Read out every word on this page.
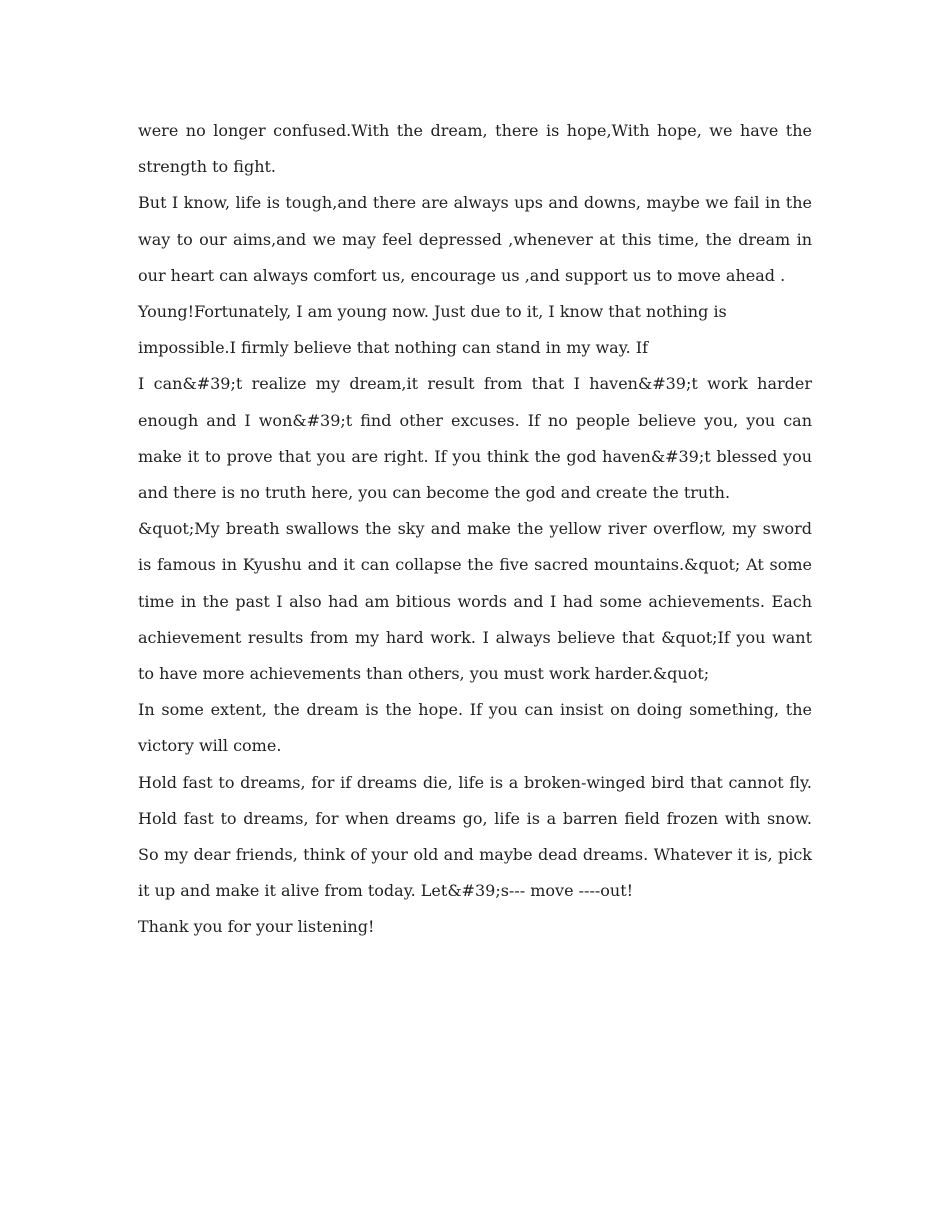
were no longer confused.With the dream, there is hope,With hope, we have the strength to fight.

But I know, life is tough,and there are always ups and downs, maybe we fail in the way to our aims,and we may feel depressed ,whenever at this time, the dream in our heart can always comfort us, encourage us ,and support us to move ahead .

Young!Fortunately, I am young now. Just due to it, I know that nothing is impossible.I firmly believe that nothing can stand in my way. If

I can&#39;t realize my dream,it result from that I haven&#39;t work harder enough and I won&#39;t find other excuses. If no people believe you, you can make it to prove that you are right. If you think the god haven&#39;t blessed you and there is no truth here, you can become the god and create the truth.

&quot;My breath swallows the sky and make the yellow river overflow, my sword is famous in Kyushu and it can collapse the five sacred mountains.&quot; At some time in the past I also had am bitious words and I had some achievements. Each achievement results from my hard work. I always believe that &quot;If you want to have more achievements than others, you must work harder.&quot;

In some extent, the dream is the hope. If you can insist on doing something, the victory will come.

Hold fast to dreams, for if dreams die, life is a broken-winged bird that cannot fly. Hold fast to dreams, for when dreams go, life is a barren field frozen with snow. So my dear friends, think of your old and maybe dead dreams. Whatever it is, pick it up and make it alive from today. Let&#39;s--- move ----out!

Thank you for your listening!
